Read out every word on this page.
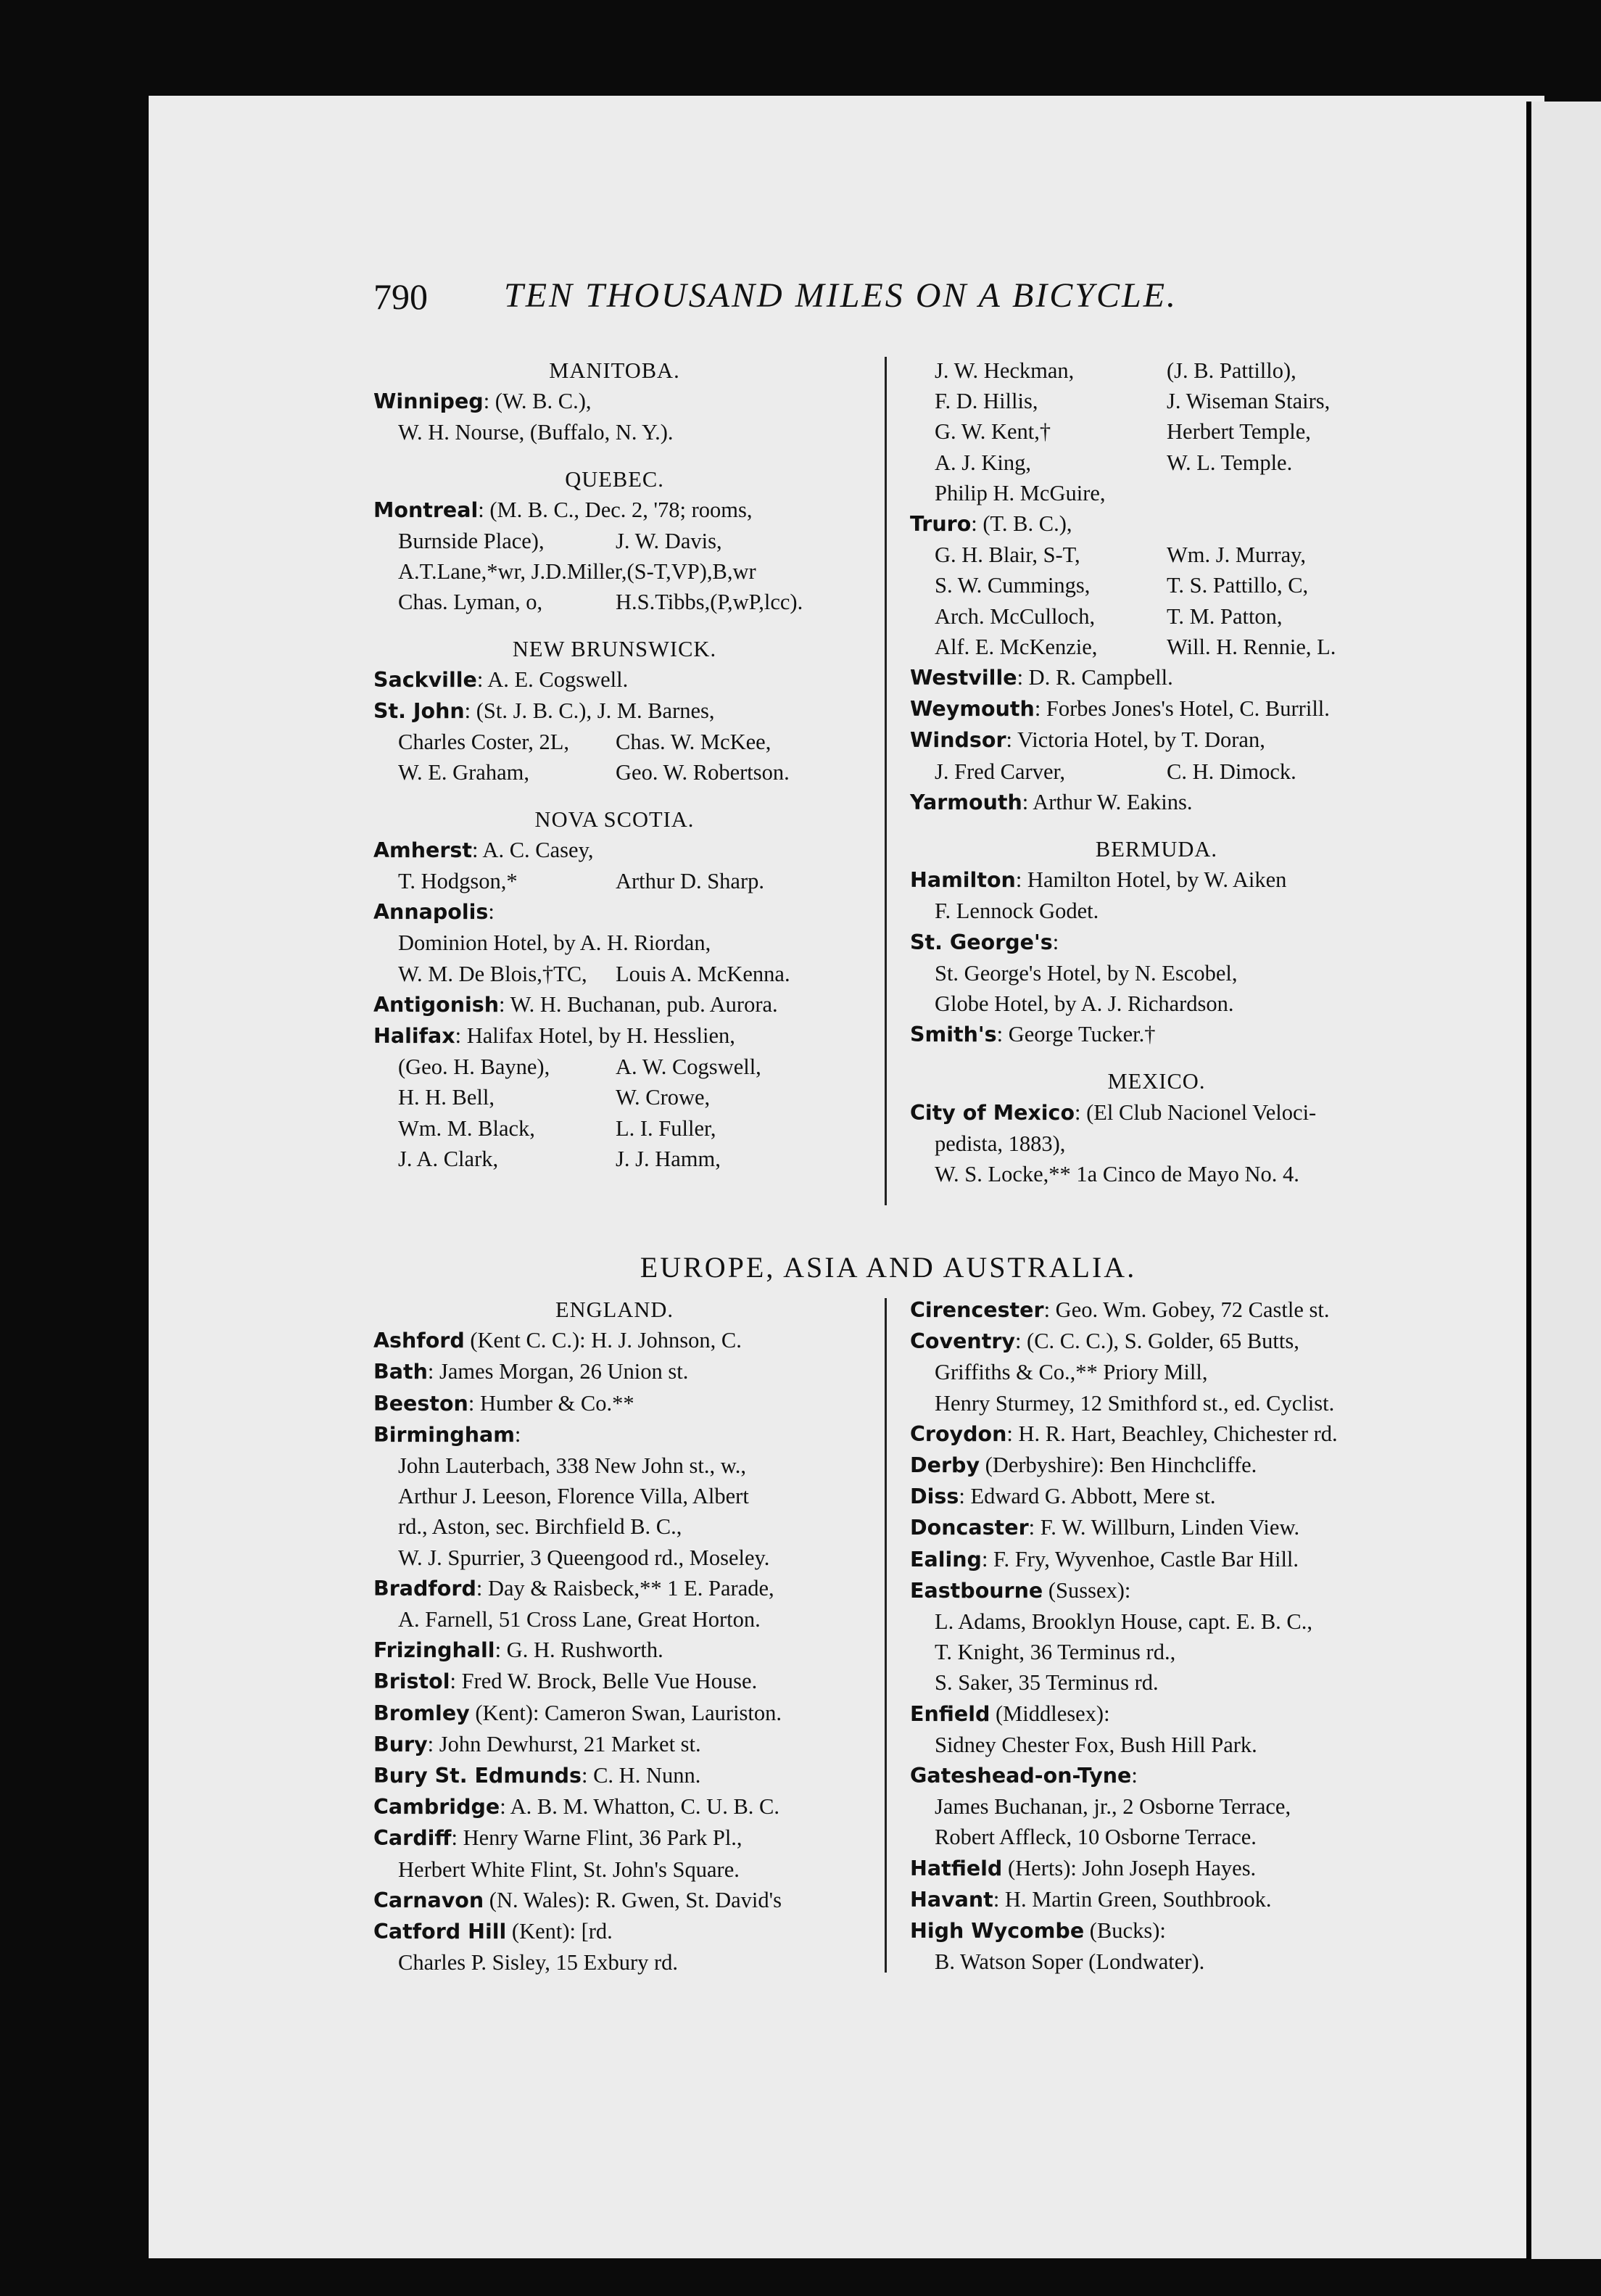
790 TEN THOUSAND MILES ON A BICYCLE.
MANITOBA.
Winnipeg: (W. B. C.),
W. H. Nourse, (Buffalo, N. Y.).
QUEBEC.
Montreal: (M. B. C., Dec. 2, '78; rooms,
Burnside Place),	J. W. Davis,
A.T.Lane,*wr, J.D.Miller,(S-T,VP),B,wr
Chas. Lyman, o,	H.S.Tibbs,(P,wP,lcc).
NEW BRUNSWICK.
Sackville: A. E. Cogswell.
St. John: (St. J. B. C.), J. M. Barnes,
Charles Coster, 2L,	Chas. W. McKee,
W. E. Graham,	Geo. W. Robertson.
NOVA SCOTIA.
Amherst: A. C. Casey,
T. Hodgson,*	Arthur D. Sharp.
Annapolis:
Dominion Hotel, by A. H. Riordan,
W. M. De Blois,†TC,	Louis A. McKenna.
Antigonish: W. H. Buchanan, pub. Aurora.
Halifax: Halifax Hotel, by H. Hesslien,
(Geo. H. Bayne),	A. W. Cogswell,
H. H. Bell,	W. Crowe,
Wm. M. Black,	L. I. Fuller,
J. A. Clark,	J. J. Hamm,
J. W. Heckman,	(J. B. Pattillo),
F. D. Hillis,	J. Wiseman Stairs,
G. W. Kent,†	Herbert Temple,
A. J. King,	W. L. Temple.
Philip H. McGuire,
Truro: (T. B. C.),
G. H. Blair, S-T,	Wm. J. Murray,
S. W. Cummings,	T. S. Pattillo, C,
Arch. McCulloch,	T. M. Patton,
Alf. E. McKenzie,	Will. H. Rennie, L.
Westville: D. R. Campbell.
Weymouth: Forbes Jones's Hotel, C. Burrill.
Windsor: Victoria Hotel, by T. Doran,
J. Fred Carver,	C. H. Dimock.
Yarmouth: Arthur W. Eakins.
BERMUDA.
Hamilton: Hamilton Hotel, by W. Aiken
F. Lennock Godet.
St. George's:
St. George's Hotel, by N. Escobel,
Globe Hotel, by A. J. Richardson.
Smith's: George Tucker.†
MEXICO.
City of Mexico: (El Club Nacionel Veloci-
pedista, 1883),
W. S. Locke,** 1a Cinco de Mayo No. 4.
EUROPE, ASIA AND AUSTRALIA.
ENGLAND.
Ashford (Kent C. C.): H. J. Johnson, C.
Bath: James Morgan, 26 Union st.
Beeston: Humber & Co.**
Birmingham:
John Lauterbach, 338 New John st., w.,
Arthur J. Leeson, Florence Villa, Albert
rd., Aston, sec. Birchfield B. C.,
W. J. Spurrier, 3 Queengood rd., Moseley.
Bradford: Day & Raisbeck,** 1 E. Parade,
A. Farnell, 51 Cross Lane, Great Horton.
Frizinghall: G. H. Rushworth.
Bristol: Fred W. Brock, Belle Vue House.
Bromley (Kent): Cameron Swan, Lauriston.
Bury: John Dewhurst, 21 Market st.
Bury St. Edmunds: C. H. Nunn.
Cambridge: A. B. M. Whatton, C. U. B. C.
Cardiff: Henry Warne Flint, 36 Park Pl.,
Herbert White Flint, St. John's Square.
Carnavon (N. Wales): R. Gwen, St. David's
Catford Hill (Kent): [rd.
Charles P. Sisley, 15 Exbury rd.
Cirencester: Geo. Wm. Gobey, 72 Castle st.
Coventry: (C. C. C.), S. Golder, 65 Butts,
Griffiths & Co.,** Priory Mill,
Henry Sturmey, 12 Smithford st., ed. Cyclist.
Croydon: H. R. Hart, Beachley, Chichester rd.
Derby (Derbyshire): Ben Hinchcliffe.
Diss: Edward G. Abbott, Mere st.
Doncaster: F. W. Willburn, Linden View.
Ealing: F. Fry, Wyvenhoe, Castle Bar Hill.
Eastbourne (Sussex):
L. Adams, Brooklyn House, capt. E. B. C.,
T. Knight, 36 Terminus rd.,
S. Saker, 35 Terminus rd.
Enfield (Middlesex):
Sidney Chester Fox, Bush Hill Park.
Gateshead-on-Tyne:
James Buchanan, jr., 2 Osborne Terrace,
Robert Affleck, 10 Osborne Terrace.
Hatfield (Herts): John Joseph Hayes.
Havant: H. Martin Green, Southbrook.
High Wycombe (Bucks):
B. Watson Soper (Londwater).
